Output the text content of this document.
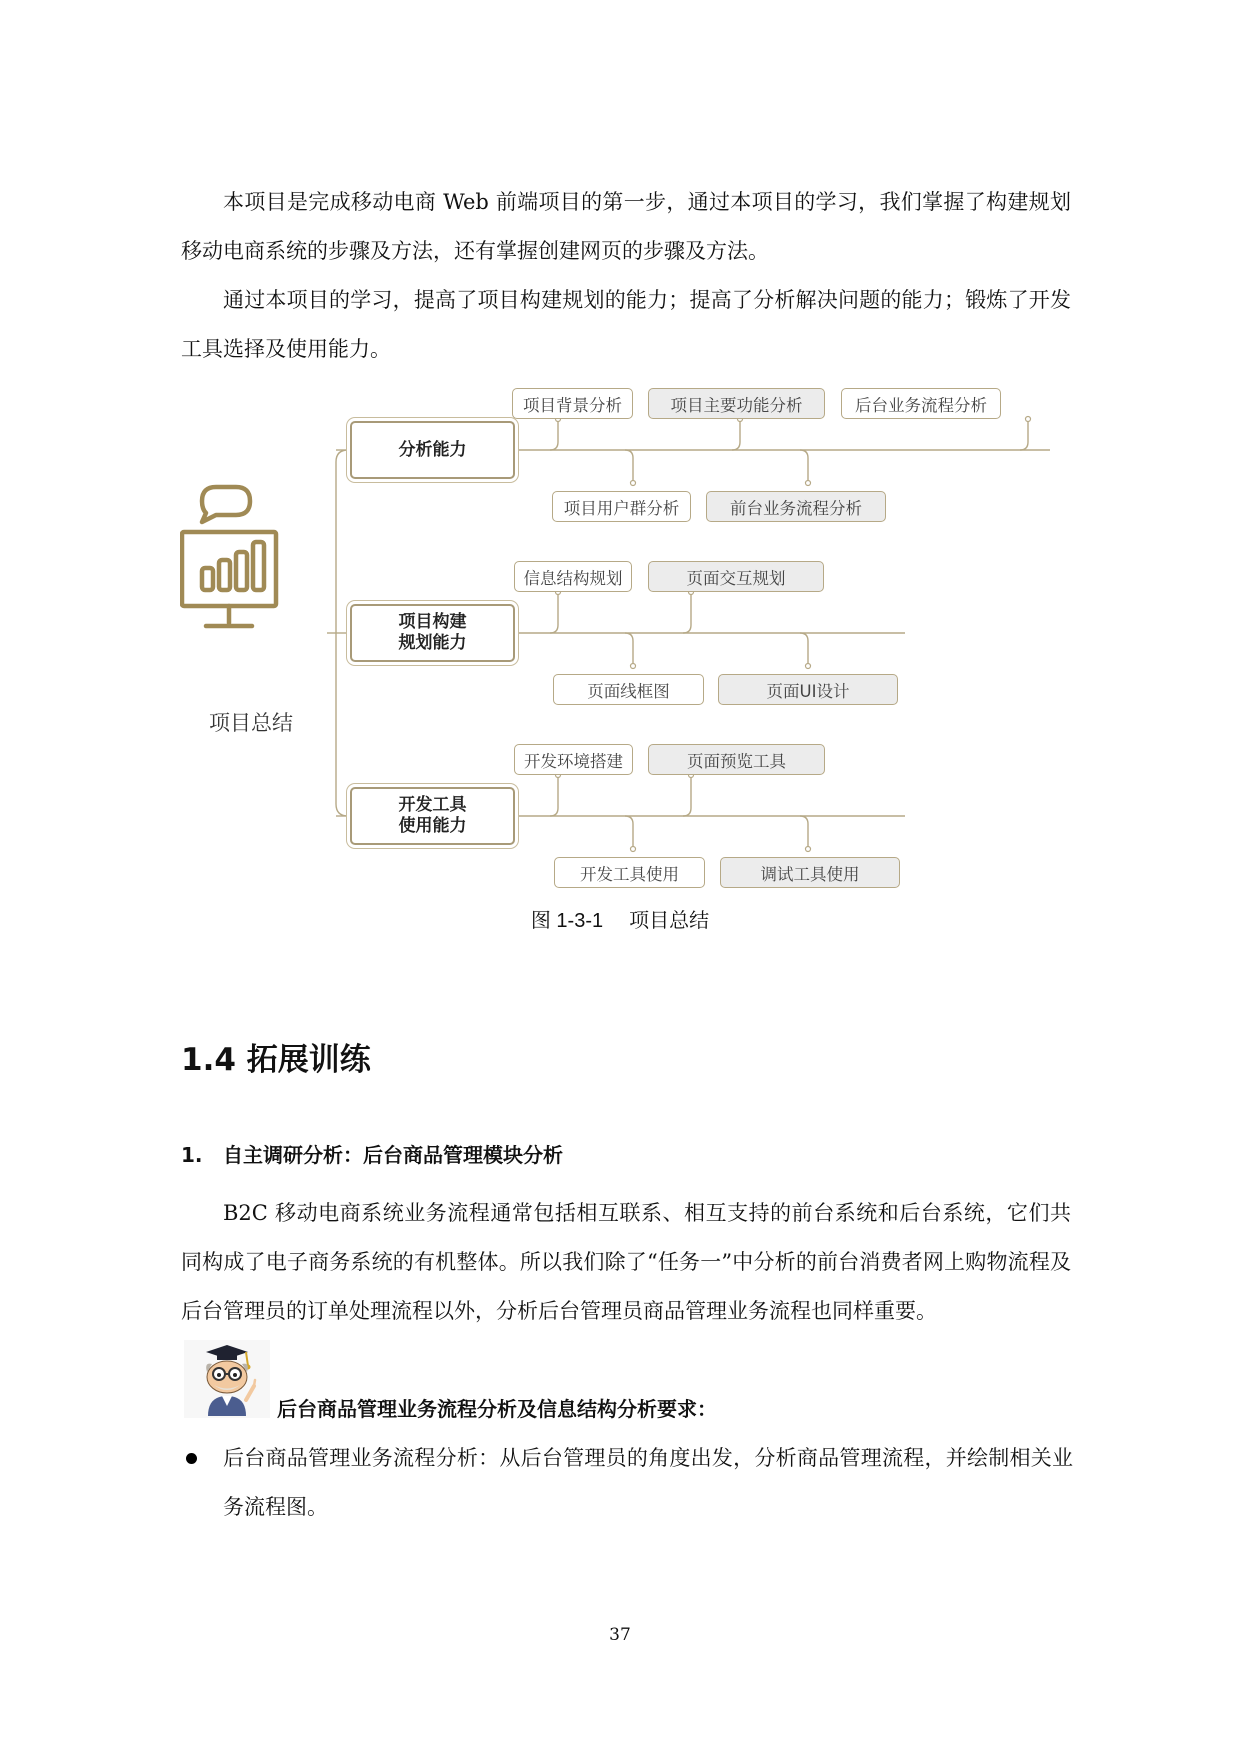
本项目是完成移动电商 Web 前端项目的第一步，通过本项目的学习，我们掌握了构建规划移动电商系统的步骤及方法，还有掌握创建网页的步骤及方法。

通过本项目的学习，提高了项目构建规划的能力；提高了分析解决问题的能力；锻炼了开发工具选择及使用能力。

项目总结
分析能力
项目构建
规划能力
开发工具
使用能力
项目背景分析	项目主要功能分析	后台业务流程分析
项目用户群分析	前台业务流程分析
信息结构规划	页面交互规划
页面线框图	页面UI设计
开发环境搭建	页面预览工具
开发工具使用	调试工具使用
图 1-3-1 项目总结
1.4 拓展训练
1. 自主调研分析：后台商品管理模块分析

B2C 移动电商系统业务流程通常包括相互联系、相互支持的前台系统和后台系统，它们共同构成了电子商务系统的有机整体。所以我们除了“任务一”中分析的前台消费者网上购物流程及后台管理员的订单处理流程以外，分析后台管理员商品管理业务流程也同样重要。

后台商品管理业务流程分析及信息结构分析要求：

后台商品管理业务流程分析：从后台管理员的角度出发，分析商品管理流程，并绘制相关业务流程图。

37
